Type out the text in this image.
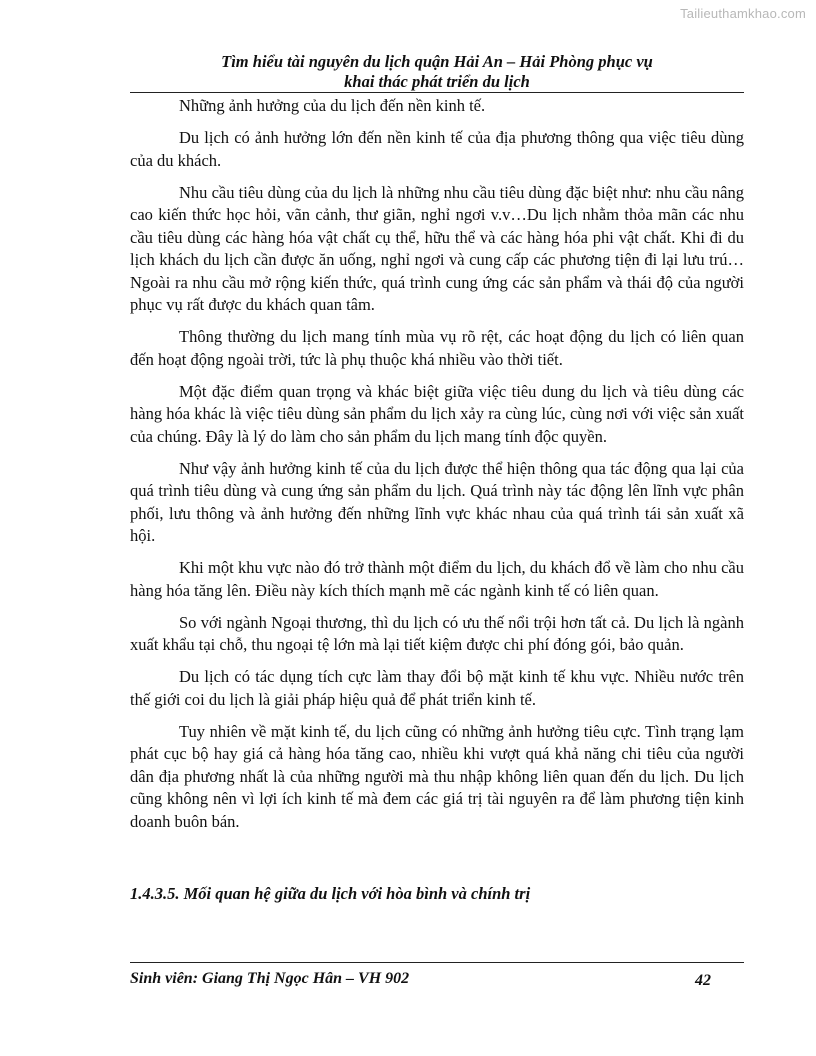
Tailieuthamkhao.com
Tìm hiểu tài nguyên du lịch quận Hải An – Hải Phòng phục vụ
khai thác phát triển du lịch

Những ảnh hưởng của du lịch đến nền kinh tế.

Du lịch có ảnh hưởng lớn đến nền kinh tế của địa phương thông qua việc tiêu dùng của du khách.

Nhu cầu tiêu dùng của du lịch là những nhu cầu tiêu dùng đặc biệt như: nhu cầu nâng cao kiến thức học hỏi, vãn cảnh, thư giãn, nghỉ ngơi v.v…Du lịch nhằm thỏa mãn các nhu cầu tiêu dùng các hàng hóa vật chất cụ thể, hữu thể và các hàng hóa phi vật chất. Khi đi du lịch khách du lịch cần được ăn uống, nghỉ ngơi và cung cấp các phương tiện đi lại lưu trú… Ngoài ra nhu cầu mở rộng kiến thức, quá trình cung ứng các sản phẩm và thái độ của người phục vụ rất được du khách quan tâm.

Thông thường du lịch mang tính mùa vụ rõ rệt, các hoạt động du lịch có liên quan đến hoạt động ngoài trời, tức là phụ thuộc khá nhiều vào thời tiết.

Một đặc điểm quan trọng và khác biệt giữa việc tiêu dung du lịch và tiêu dùng các hàng hóa khác là việc tiêu dùng sản phẩm du lịch xảy ra cùng lúc, cùng nơi với việc sản xuất của chúng. Đây là lý do làm cho sản phẩm du lịch mang tính độc quyền.

Như vậy ảnh hưởng kinh tế của du lịch được thể hiện thông qua tác động qua lại của quá trình tiêu dùng và cung ứng sản phẩm du lịch. Quá trình này tác động lên lĩnh vực phân phối, lưu thông và ảnh hưởng đến những lĩnh vực khác nhau của quá trình tái sản xuất xã hội.

Khi một khu vực nào đó trở thành một điểm du lịch, du khách đổ về làm cho nhu cầu hàng hóa tăng lên. Điều này kích thích mạnh mẽ các ngành kinh tế có liên quan.

So với ngành Ngoại thương, thì du lịch có ưu thế nổi trội hơn tất cả. Du lịch là ngành xuất khẩu tại chỗ, thu ngoại tệ lớn mà lại tiết kiệm được chi phí đóng gói, bảo quản.

Du lịch có tác dụng tích cực làm thay đổi bộ mặt kinh tế khu vực. Nhiều nước trên thế giới coi du lịch là giải pháp hiệu quả để phát triển kinh tế.

Tuy nhiên về mặt kinh tế, du lịch cũng có những ảnh hưởng tiêu cực. Tình trạng lạm phát cục bộ hay giá cả hàng hóa tăng cao, nhiều khi vượt quá khả năng chi tiêu của người dân địa phương nhất là của những người mà thu nhập không liên quan đến du lịch. Du lịch cũng không nên vì lợi ích kinh tế mà đem các giá trị tài nguyên ra để làm phương tiện kinh doanh buôn bán.

1.4.3.5. Mối quan hệ giữa du lịch với hòa bình và chính trị
Sinh viên: Giang Thị Ngọc Hân – VH 902	42
